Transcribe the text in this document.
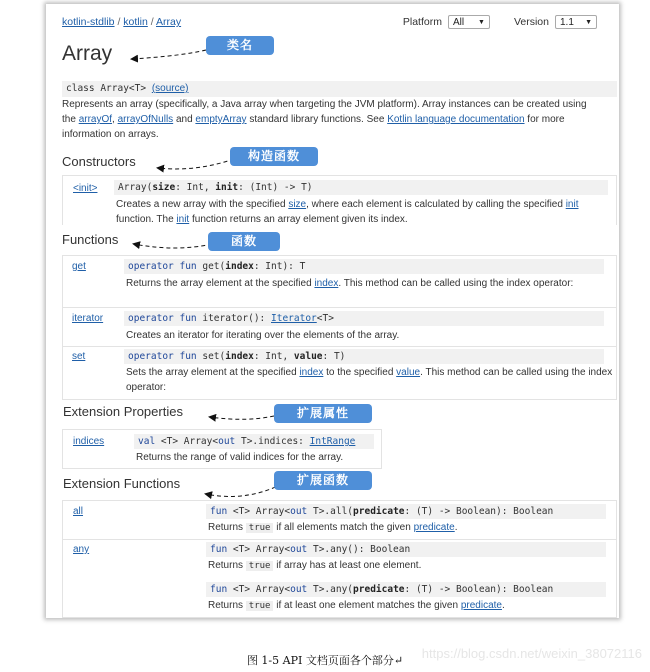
kotlin-stdlib / kotlin / Array	Platform All ▼	Version 1.1 ▼
Array
class Array<T> (source)
Represents an array (specifically, a Java array when targeting the JVM platform). Array instances can be created using the arrayOf, arrayOfNulls and emptyArray standard library functions. See Kotlin language documentation for more information on arrays.
Constructors
<init>	Array(size: Int, init: (Int) -> T)
Creates a new array with the specified size, where each element is calculated by calling the specified init function. The init function returns an array element given its index.
Functions
get	operator fun get(index: Int): T
Returns the array element at the specified index. This method can be called using the index operator:
iterator	operator fun iterator(): Iterator<T>
Creates an iterator for iterating over the elements of the array.
set	operator fun set(index: Int, value: T)
Sets the array element at the specified index to the specified value. This method can be called using the index operator:
Extension Properties
indices	val <T> Array<out T>.indices: IntRange
Returns the range of valid indices for the array.
Extension Functions
all	fun <T> Array<out T>.all(predicate: (T) -> Boolean): Boolean
Returns true if all elements match the given predicate.
any	fun <T> Array<out T>.any(): Boolean
Returns true if array has at least one element.
fun <T> Array<out T>.any(predicate: (T) -> Boolean): Boolean
Returns true if at least one element matches the given predicate.
类名
构造函数
函数
扩展属性
扩展函数
https://blog.csdn.net/weixin_38072116
图 1-5 API 文档页面各个部分↵
